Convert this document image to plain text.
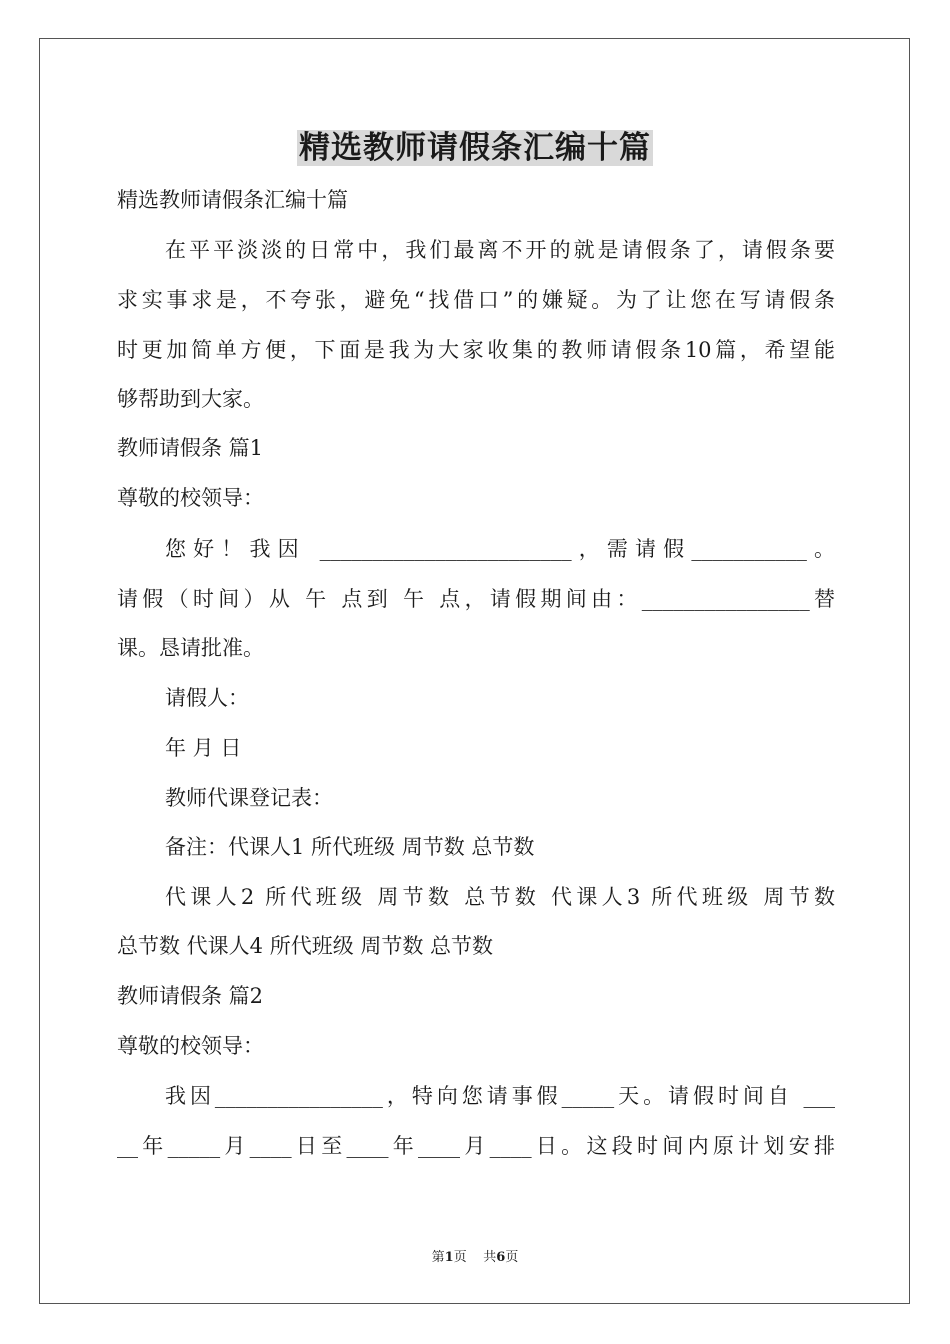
精选教师请假条汇编十篇
精选教师请假条汇编十篇
在平平淡淡的日常中，我们最离不开的就是请假条了，请假条要
求实事求是，不夸张，避免“找借口”的嫌疑。为了让您在写请假条
时更加简单方便，下面是我为大家收集的教师请假条10篇，希望能
够帮助到大家。
教师请假条 篇1
尊敬的校领导：
您好！我因 ________________________，需请假___________。
请假（时间）从 午 点到 午 点，请假期间由：________________替
课。恳请批准。
请假人：
年 月 日
教师代课登记表：
备注：代课人1 所代班级 周节数 总节数
代课人2 所代班级 周节数 总节数 代课人3 所代班级 周节数
总节数 代课人4 所代班级 周节数 总节数
教师请假条 篇2
尊敬的校领导：
我因________________，特向您请事假_____天。请假时间自 ___
__年_____月____日至____年____月____日。这段时间内原计划安排
第1页 共6页
